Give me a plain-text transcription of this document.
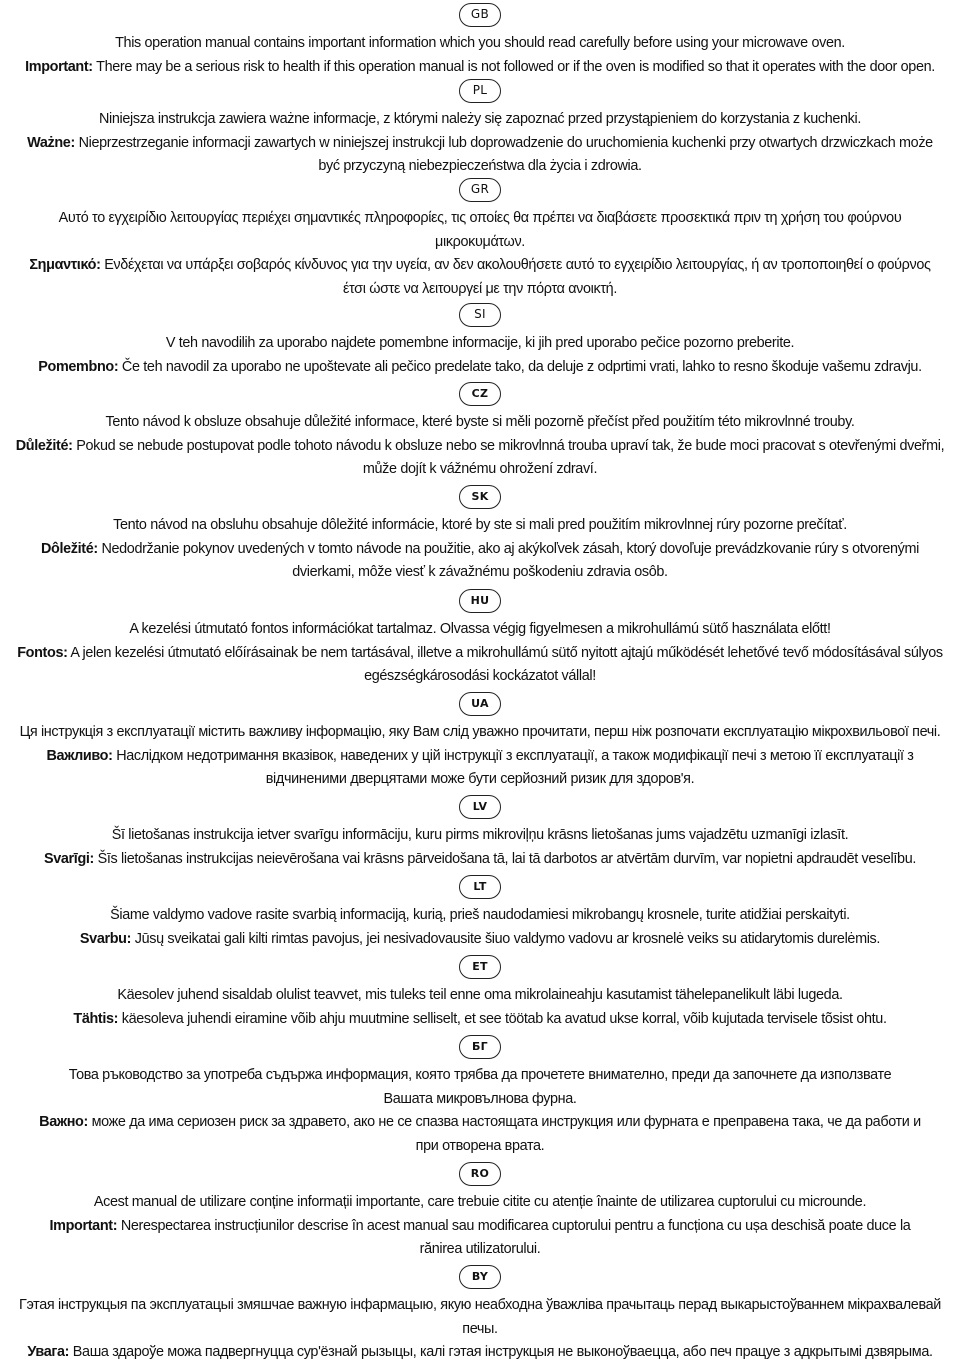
GB
This operation manual contains important information which you should read carefully before using your microwave oven.
Important: There may be a serious risk to health if this operation manual is not followed or if the oven is modified so that it operates with the door open.
PL
Niniejsza instrukcja zawiera ważne informacje, z którymi należy się zapoznać przed przystąpieniem do korzystania z kuchenki.
Ważne: Nieprzestrzeganie informacji zawartych w niniejszej instrukcji lub doprowadzenie do uruchomienia kuchenki przy otwartych drzwiczkach może być przyczyną niebezpieczeństwa dla życia i zdrowia.
GR
Αυτό το εγχειρίδιο λειτουργίας περιέχει σημαντικές πληροφορίες, τις οποίες θα πρέπει να διαβάσετε προσεκτικά πριν τη χρήση του φούρνου μικροκυμάτων.
Σημαντικό: Ενδέχεται να υπάρξει σοβαρός κίνδυνος για την υγεία, αν δεν ακολουθήσετε αυτό το εγχειρίδιο λειτουργίας, ή αν τροποποιηθεί ο φούρνος έτσι ώστε να λειτουργεί με την πόρτα ανοικτή.
SI
V teh navodilih za uporabo najdete pomembne informacije, ki jih pred uporabo pečice pozorno preberite.
Pomembno: Če teh navodil za uporabo ne upoštevate ali pečico predelate tako, da deluje z odprtimi vrati, lahko to resno škoduje vašemu zdravju.
CZ
Tento návod k obsluze obsahuje důležité informace, které byste si měli pozorně přečíst před použitím této mikrovlnné trouby.
Důležité: Pokud se nebude postupovat podle tohoto návodu k obsluze nebo se mikrovlnná trouba upraví tak, že bude moci pracovat s otevřenými dveřmi, může dojít k vážnému ohrožení zdraví.
SK
Tento návod na obsluhu obsahuje dôležité informácie, ktoré by ste si mali pred použitím mikrovlnnej rúry pozorne prečítať.
Dôležité: Nedodržanie pokynov uvedených v tomto návode na použitie, ako aj akýkoľvek zásah, ktorý dovoľuje prevádzkovanie rúry s otvorenými dvierkami, môže viesť k závažnému poškodeniu zdravia osôb.
HU
A kezelési útmutató fontos információkat tartalmaz. Olvassa végig figyelmesen a mikrohullámú sütő használata előtt!
Fontos: A jelen kezelési útmutató előírásainak be nem tartásával, illetve a mikrohullámú sütő nyitott ajtajú működését lehetővé tevő módosításával súlyos egészségkárosodási kockázatot vállal!
UA
Ця інструкція з експлуатації містить важливу інформацію, яку Вам слід уважно прочитати, перш ніж розпочати експлуатацію мікрохвильової печі.
Важливо: Наслідком недотримання вказівок, наведених у цій інструкції з експлуатації, а також модифікації печі з метою її експлуатації з відчиненими дверцятами може бути серйозний ризик для здоров'я.
LV
Šī lietošanas instrukcija ietver svarīgu informāciju, kuru pirms mikroviļņu krāsns lietošanas jums vajadzētu uzmanīgi izlasīt.
Svarīgi: Šīs lietošanas instrukcijas neievērošana vai krāsns pārveidošana tā, lai tā darbotos ar atvērtām durvīm, var nopietni apdraudēt veselību.
LT
Šiame valdymo vadove rasite svarbią informaciją, kurią, prieš naudodamiesi mikrobangų krosnele, turite atidžiai perskaityti.
Svarbu: Jūsų sveikatai gali kilti rimtas pavojus, jei nesivadovausite šiuo valdymo vadovu ar krosnelė veiks su atidarytomis durelėmis.
ET
Käesolev juhend sisaldab olulist teavvet, mis tuleks teil enne oma mikrolaineahju kasutamist tähelepanelikult läbi lugeda.
Tähtis: käesoleva juhendi eiramine võib ahju muutmine selliselt, et see töötab ka avatud ukse korral, võib kujutada tervisele tõsist ohtu.
БГ
Това ръководство за употреба съдържа информация, която трябва да прочетете внимателно, преди да започнете да използвате Вашата микровълнова фурна.
Важно: може да има сериозен риск за здравето, ако не се спазва настоящата инструкция или фурната е преправена така, че да работи и при отворена врата.
RO
Acest manual de utilizare conține informații importante, care trebuie citite cu atenție înainte de utilizarea cuptorului cu microunde.
Important: Nerespectarea instrucțiunilor descrise în acest manual sau modificarea cuptorului pentru a funcționa cu ușa deschisă poate duce la rănirea utilizatorului.
BY
Гэтая інструкцыя па эксплуатацыі змяшчае важную інфармацыю, якую неабходна ўважліва прачытаць перад выкарыстоўваннем мікрахвалевай печы.
Увага: Ваша здароўе можа падвергнуцца сур'ёзнай рызыцы, калі гэтая інструкцыя не выконоўваецца, або печ працуе з адкрытымі дзвярыма.
